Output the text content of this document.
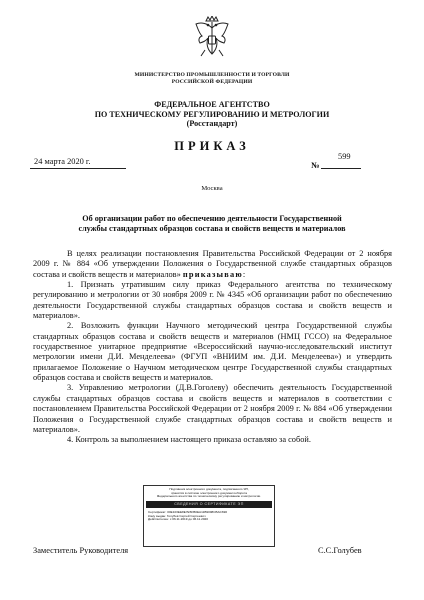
МИНИСТЕРСТВО ПРОМЫШЛЕННОСТИ И ТОРГОВЛИ
РОССИЙСКОЙ ФЕДЕРАЦИИ
ФЕДЕРАЛЬНОЕ АГЕНТСТВО
ПО ТЕХНИЧЕСКОМУ РЕГУЛИРОВАНИЮ И МЕТРОЛОГИИ
(Росстандарт)
ПРИКАЗ
24 марта 2020 г.	№
599
Москва
Об организации работ по обеспечению деятельности Государственной
службы стандартных образцов состава и свойств веществ и материалов

В целях реализации постановления Правительства Российской Федерации от 2 ноября 2009 г. № 884 «Об утверждении Положения о Государственной службе стандартных образцов состава и свойств веществ и материалов» приказываю:

1. Признать утратившим силу приказ Федерального агентства по техническому регулированию и метрологии от 30 ноября 2009 г. № 4345 «Об организации работ по обеспечению деятельности Государственной службы стандартных образцов состава и свойств веществ и материалов».

2. Возложить функции Научного методический центра Государственной службы стандартных образцов состава и свойств веществ и материалов (НМЦ ГССО) на Федеральное государственное унитарное предприятие «Всероссийский научно-исследовательский институт метрологии имени Д.И. Менделеева» (ФГУП «ВНИИМ им. Д.И. Менделеева») и утвердить прилагаемое Положение о Научном методическом центре Государственной службы стандартных образцов состава и свойств веществ и материалов.

3. Управлению метрологии (Д.В.Гоголеву) обеспечить деятельность Государственной службы стандартных образцов состава и свойств веществ и материалов в соответствии с постановлением Правительства Российской Федерации от 2 ноября 2009 г. № 884 «Об утверждении Положения о Государственной службе стандартных образцов состава и свойств веществ и материалов».

4. Контроль за выполнением настоящего приказа оставляю за собой.

Подлинник электронного документа, подписанного ЭП,
хранится в системе электронного документооборота
Федерального агентства по техническому регулированию и метрологии.
СВЕДЕНИЯ О СЕРТИФИКАТЕ ЭП
Сертификат: 00E103EE8E7E5FB0EA11B9008CBAC690
Кому выдан: Голубев Сергей Сергеевич
Действителен: с 06.11.2019 до 06.11.2020
Заместитель Руководителя	С.С.Голубев
